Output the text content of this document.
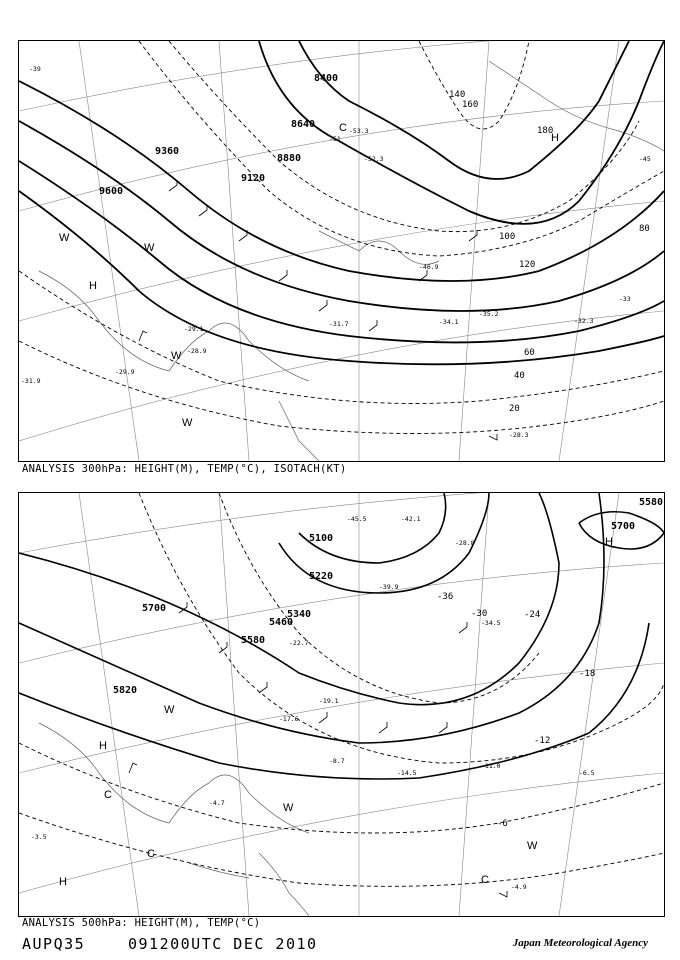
8400
8640
8880
9120
9360
9600
20
40
60
80
100
120
140
160
180
-39
-45
-51
-33
-53.3
-52.3
-46.9
-35.2
-32.3
-34.1
-31.7
-29.1
-28.3
-28.9
-29.9
-31.9
W
W
W
H
C
W
H
ANALYSIS 300hPa: HEIGHT(M), TEMP(°C), ISOTACH(KT)
5100
5220
5340
5460
5580
5700
5820
5700
5580
-36
-30	-24
-18
-12
-6
-45.5	-42.1
-39.9
-34.5
-28.8
-22.7
-19.1
-17.6
-14.5
-11.0
-8.7
-4.7
-6.5
-4.9
-3.5
H
H
W
C
C
W
H
C
W
ANALYSIS 500hPa: HEIGHT(M), TEMP(°C)
AUPQ35	091200UTC DEC 2010	Japan Meteorological Agency
